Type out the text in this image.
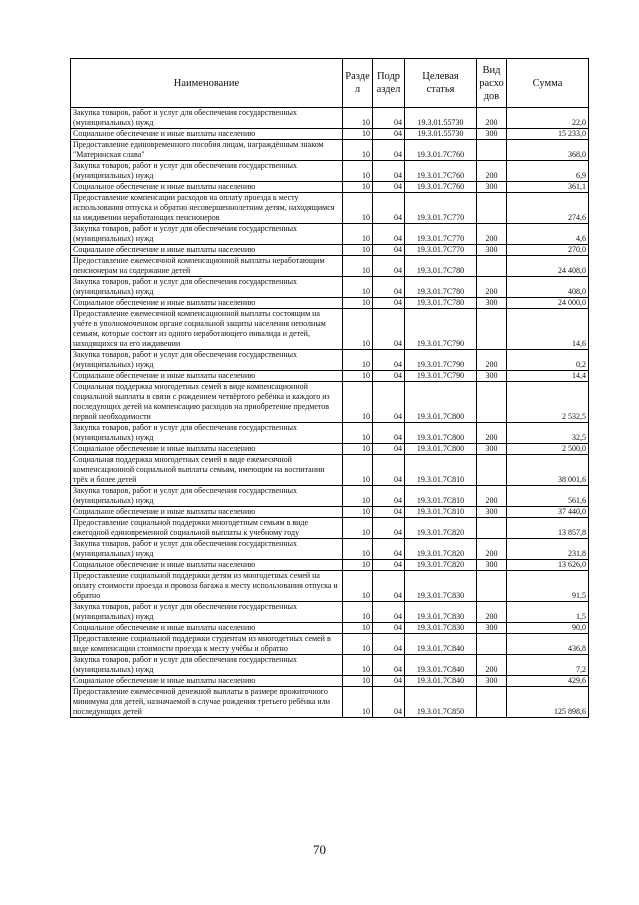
Наименование	Разде л	Подр аздел	Целевая статья	Вид расхо дов	Сумма
Закупка товаров, работ и услуг для обеспечения государственных (муниципальных) нужд	10	04	19.3.01.55730	200	22,0
Социальное обеспечение и иные выплаты населению	10	04	19.3.01.55730	300	15 233,0
Предоставление единовременного пособия лицам, награждённым знаком "Материнская слава"	10	04	19.3.01.7С760		368,0
Закупка товаров, работ и услуг для обеспечения государственных (муниципальных) нужд	10	04	19.3.01.7С760	200	6,9
Социальное обеспечение и иные выплаты населению	10	04	19.3.01.7С760	300	361,1
Предоставление компенсации расходов на оплату проезда к месту использования отпуска и обратно несовершеннолетним детям, находящимся на иждивении неработающих пенсионеров	10	04	19.3.01.7С770		274,6
Закупка товаров, работ и услуг для обеспечения государственных (муниципальных) нужд	10	04	19.3.01.7С770	200	4,6
Социальное обеспечение и иные выплаты населению	10	04	19.3.01.7С770	300	270,0
Предоставление ежемесячной компенсационной выплаты неработающим пенсионерам на содержание детей	10	04	19.3.01.7С780		24 408,0
Закупка товаров, работ и услуг для обеспечения государственных (муниципальных) нужд	10	04	19.3.01.7С780	200	408,0
Социальное обеспечение и иные выплаты населению	10	04	19.3.01.7С780	300	24 000,0
Предоставление ежемесячной компенсационной выплаты состоящим на учёте в уполномоченном органе социальной защиты населения неполным семьям, которые состоят из одного неработающего инвалида и детей, находящихся на его иждивении	10	04	19.3.01.7С790		14,6
Закупка товаров, работ и услуг для обеспечения государственных (муниципальных) нужд	10	04	19.3.01.7С790	200	0,2
Социальное обеспечение и иные выплаты населению	10	04	19.3.01.7С790	300	14,4
Социальная поддержка многодетных семей в виде компенсационной социальной выплаты в связи с рождением четвёртого ребёнка и каждого из последующих детей на компенсацию расходов на приобретение предметов первой необходимости	10	04	19.3.01.7С800		2 532,5
Закупка товаров, работ и услуг для обеспечения государственных (муниципальных) нужд	10	04	19.3.01.7С800	200	32,5
Социальное обеспечение и иные выплаты населению	10	04	19.3.01.7С800	300	2 500,0
Социальная поддержка многодетных семей в виде ежемесячной компенсационной социальной выплаты семьям, имеющим на воспитании трёх и более детей	10	04	19.3.01.7С810		38 001,6
Закупка товаров, работ и услуг для обеспечения государственных (муниципальных) нужд	10	04	19.3.01.7С810	200	561,6
Социальное обеспечение и иные выплаты населению	10	04	19.3.01.7С810	300	37 440,0
Предоставление социальной поддержки многодетным семьям в виде ежегодной единовременной социальной выплаты к учебному году	10	04	19.3.01.7С820		13 857,8
Закупка товаров, работ и услуг для обеспечения государственных (муниципальных) нужд	10	04	19.3.01.7С820	200	231,8
Социальное обеспечение и иные выплаты населению	10	04	19.3.01.7С820	300	13 626,0
Предоставление социальной поддержки детям из многодетных семей на оплату стоимости проезда и провоза багажа к месту использования отпуска и обратно	10	04	19.3.01.7С830		91,5
Закупка товаров, работ и услуг для обеспечения государственных (муниципальных) нужд	10	04	19.3.01.7С830	200	1,5
Социальное обеспечение и иные выплаты населению	10	04	19.3.01.7С830	300	90,0
Предоставление социальной поддержки студентам из многодетных семей в виде компенсации стоимости проезда к месту учёбы и обратно	10	04	19.3.01.7С840		436,8
Закупка товаров, работ и услуг для обеспечения государственных (муниципальных) нужд	10	04	19.3.01.7С840	200	7,2
Социальное обеспечение и иные выплаты населению	10	04	19.3.01.7С840	300	429,6
Предоставление ежемесячной денежной выплаты в размере прожиточного минимума для детей, назначаемой в случае рождения третьего ребёнка или последующих детей	10	04	19.3.01.7С850		125 898,6
70
